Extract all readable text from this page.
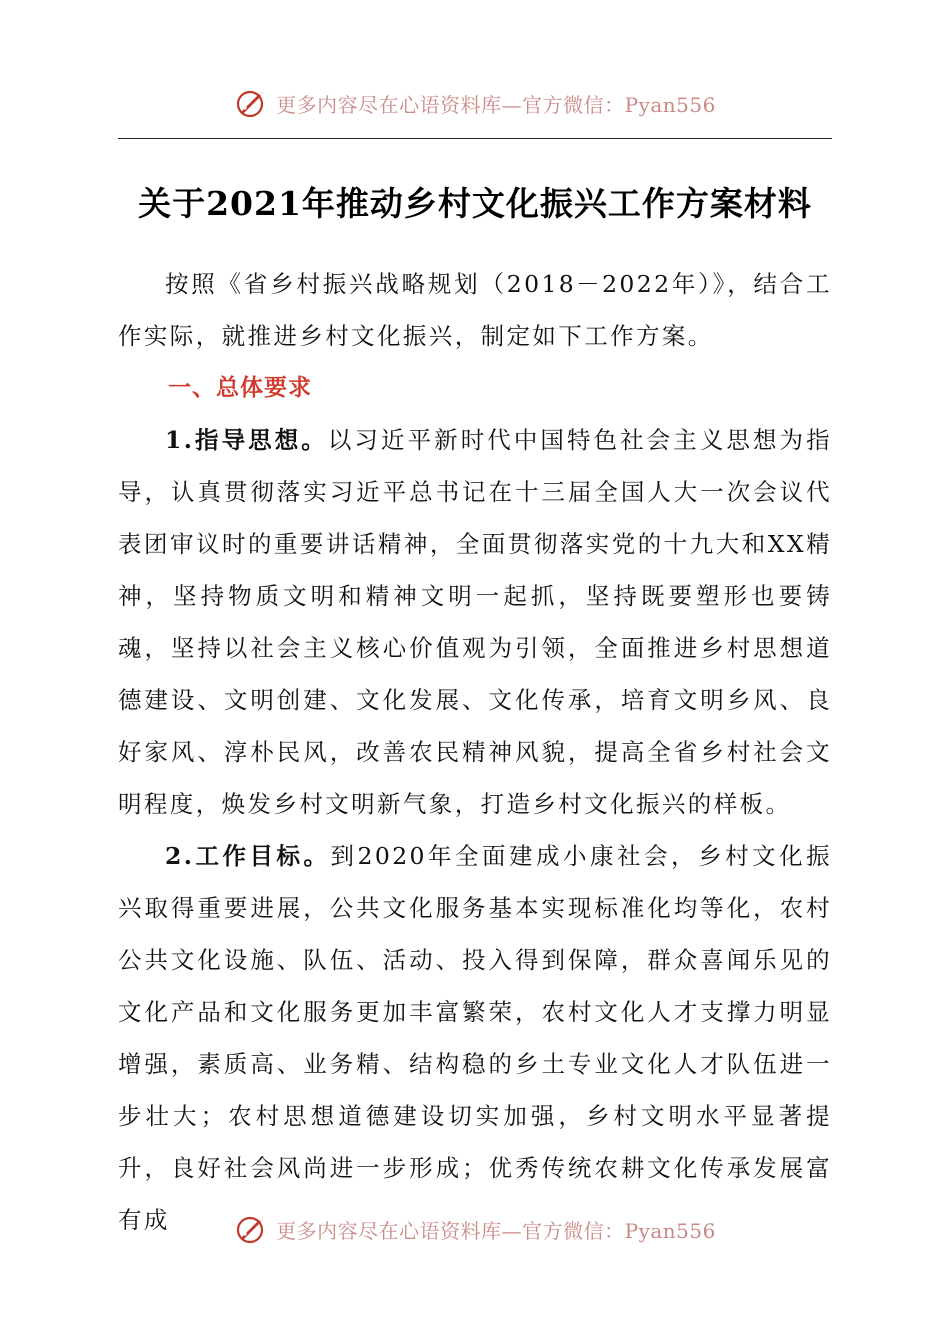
更多内容尽在心语资料库—官方微信：Pyan556
关于2021年推动乡村文化振兴工作方案材料

按照《省乡村振兴战略规划（2018－2022年）》，结合工作实际，就推进乡村文化振兴，制定如下工作方案。

一、总体要求

1.指导思想。以习近平新时代中国特色社会主义思想为指导，认真贯彻落实习近平总书记在十三届全国人大一次会议代表团审议时的重要讲话精神，全面贯彻落实党的十九大和XX精神，坚持物质文明和精神文明一起抓，坚持既要塑形也要铸魂，坚持以社会主义核心价值观为引领，全面推进乡村思想道德建设、文明创建、文化发展、文化传承，培育文明乡风、良好家风、淳朴民风，改善农民精神风貌，提高全省乡村社会文明程度，焕发乡村文明新气象，打造乡村文化振兴的样板。

2.工作目标。到2020年全面建成小康社会，乡村文化振兴取得重要进展，公共文化服务基本实现标准化均等化，农村公共文化设施、队伍、活动、投入得到保障，群众喜闻乐见的文化产品和文化服务更加丰富繁荣，农村文化人才支撑力明显增强，素质高、业务精、结构稳的乡土专业文化人才队伍进一步壮大；农村思想道德建设切实加强，乡村文明水平显著提升，良好社会风尚进一步形成；优秀传统农耕文化传承发展富有成	更多内容尽在心语资料库—官方微信：Pyan556
